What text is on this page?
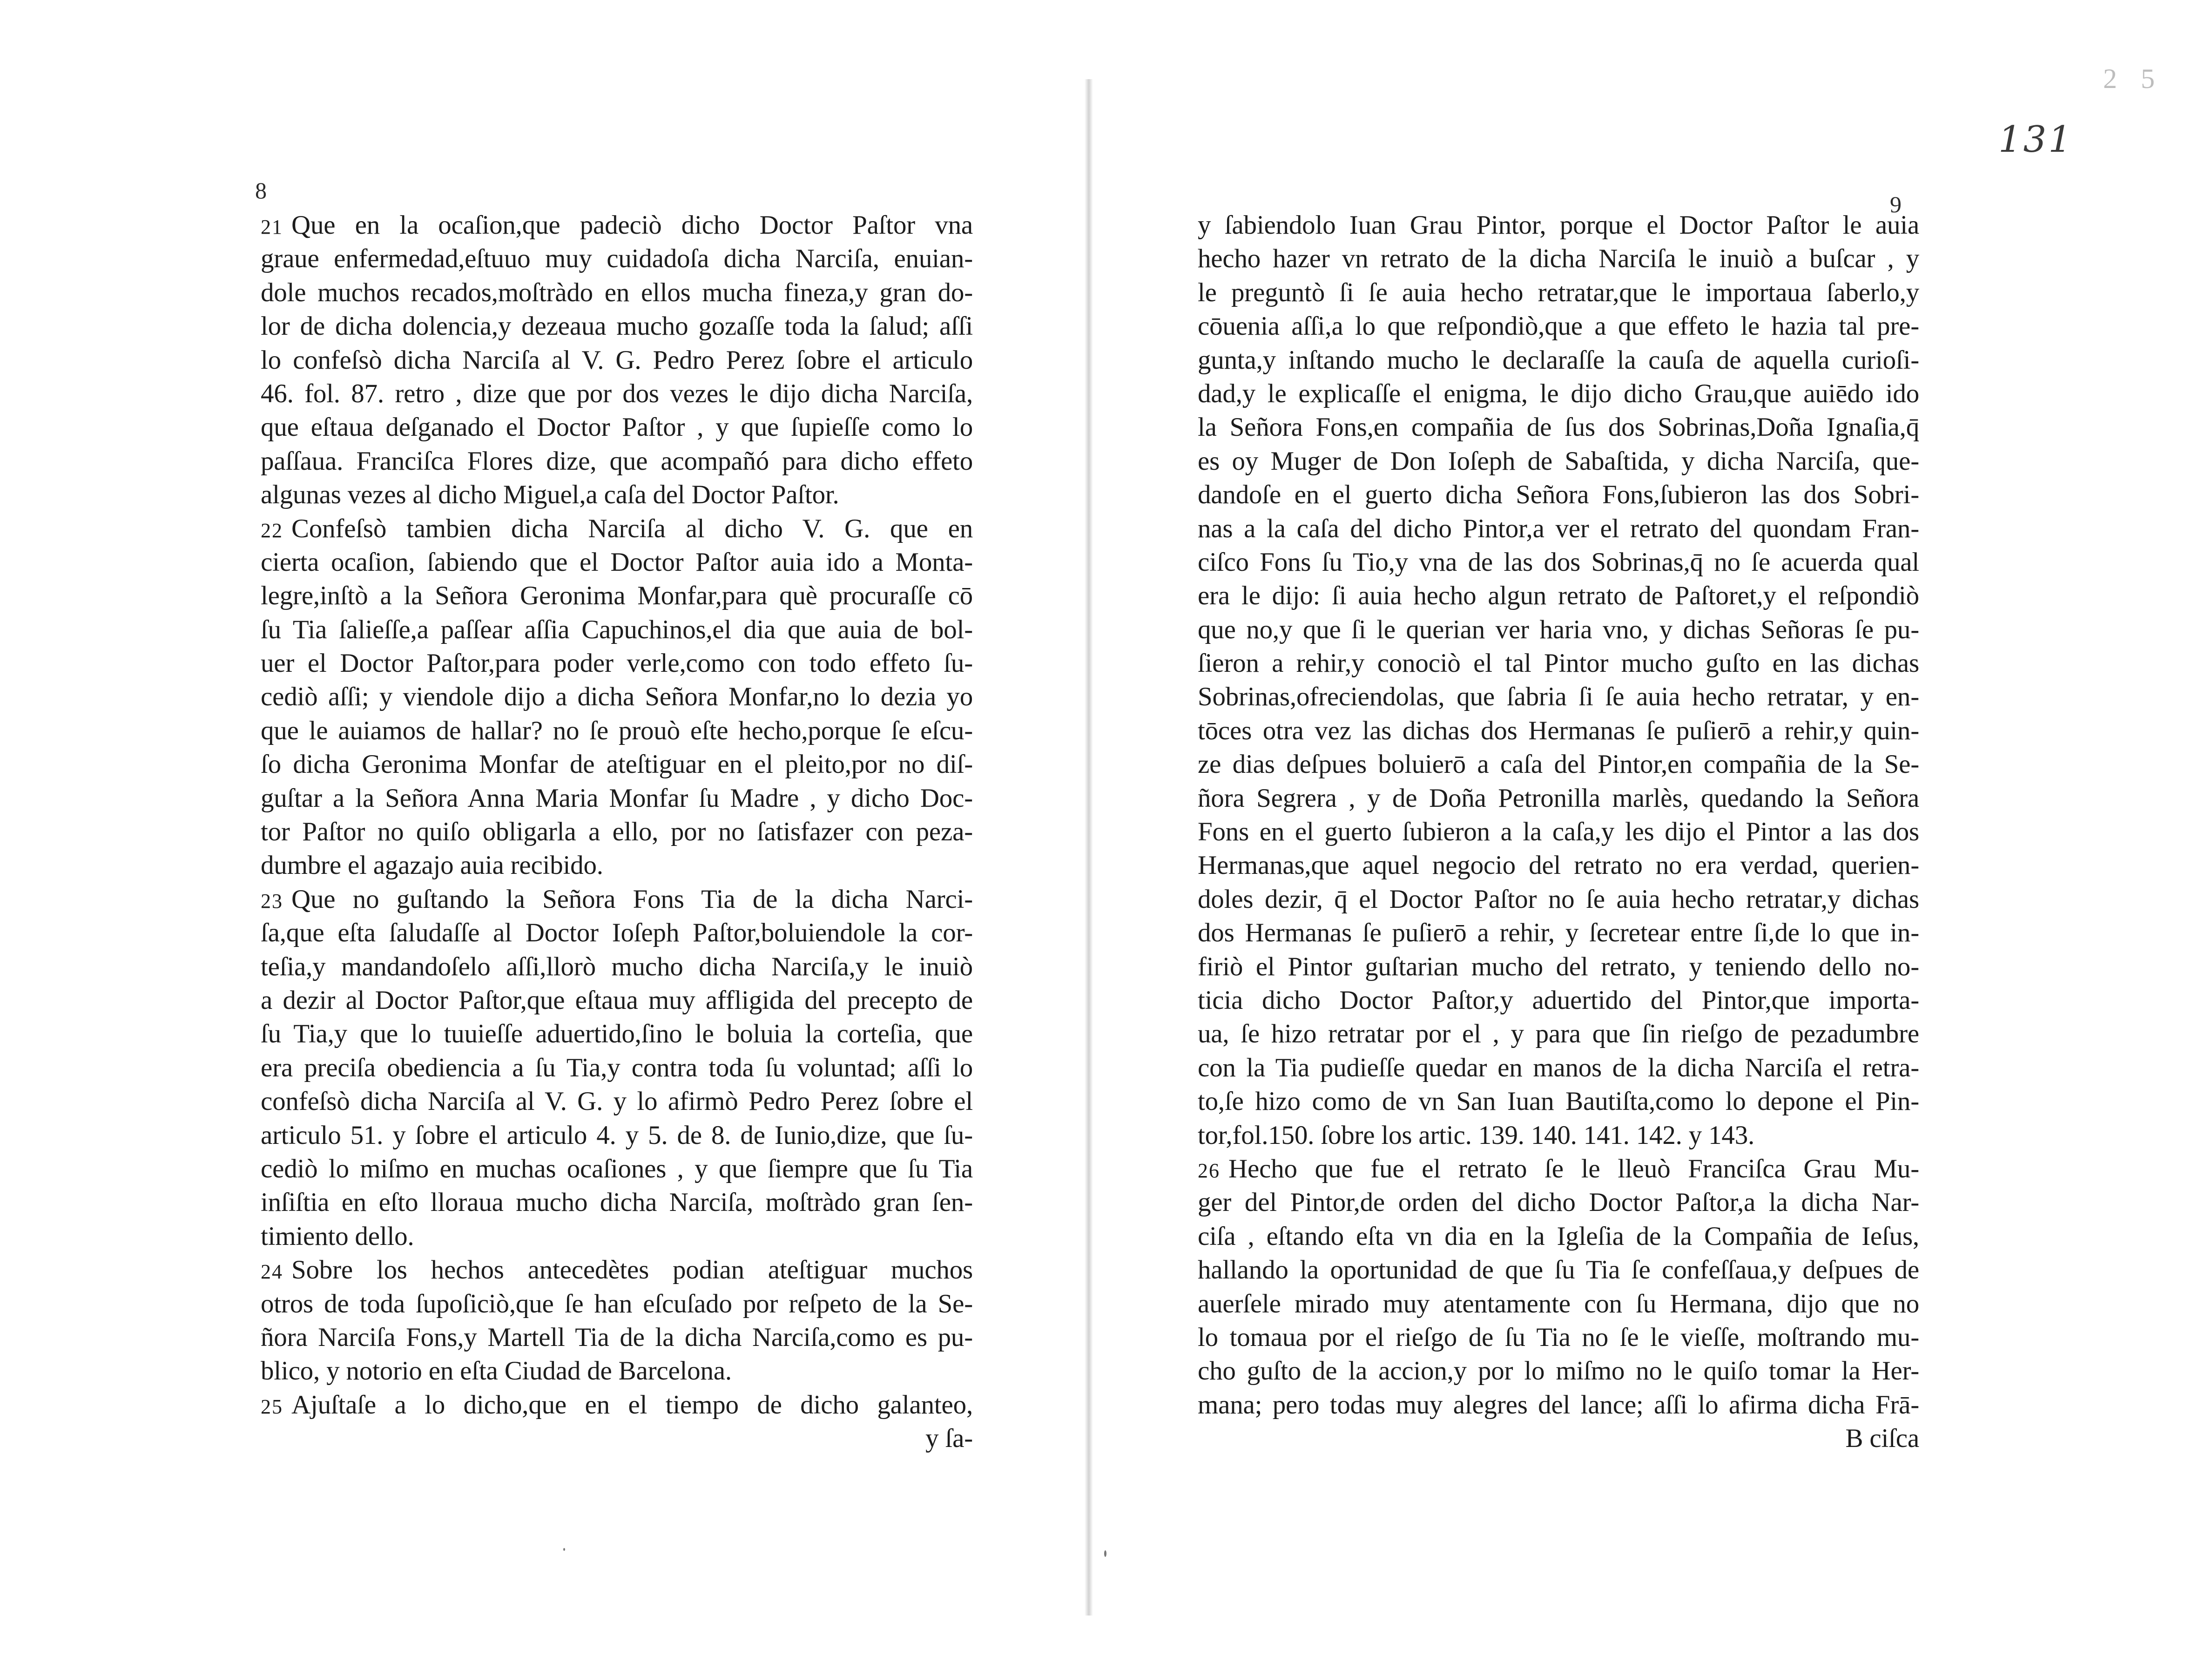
8
21 Que en la ocaſion,que padeciò dicho Doctor Paſtor vna
graue enfermedad,eſtuuo muy cuidadoſa dicha Narciſa, enuian-
dole muchos recados,moſtràdo en ellos mucha fineza,y gran do-
lor de dicha dolencia,y dezeaua mucho gozaſſe toda la ſalud; aſſi
lo confeſsò dicha Narciſa al V. G. Pedro Perez ſobre el articulo
46. fol. 87. retro , dize que por dos vezes le dijo dicha Narciſa,
que eſtaua deſganado el Doctor Paſtor , y que ſupieſſe como lo
paſſaua. Franciſca Flores dize, que acompañó para dicho effeto
algunas vezes al dicho Miguel,a caſa del Doctor Paſtor.
22 Confeſsò tambien dicha Narciſa al dicho V. G. que en
cierta ocaſion, ſabiendo que el Doctor Paſtor auia ido a Monta-
legre,inſtò a la Señora Geronima Monfar,para què procuraſſe cō
ſu Tia ſalieſſe,a paſſear aſſia Capuchinos,el dia que auia de bol-
uer el Doctor Paſtor,para poder verle,como con todo effeto ſu-
cediò aſſi; y viendole dijo a dicha Señora Monfar,no lo dezia yo
que le auiamos de hallar? no ſe prouò eſte hecho,porque ſe eſcu-
ſo dicha Geronima Monfar de ateſtiguar en el pleito,por no diſ-
guſtar a la Señora Anna Maria Monfar ſu Madre , y dicho Doc-
tor Paſtor no quiſo obligarla a ello, por no ſatisfazer con peza-
dumbre el agazajo auia recibido.
23 Que no guſtando la Señora Fons Tia de la dicha Narci-
ſa,que eſta ſaludaſſe al Doctor Ioſeph Paſtor,boluiendole la cor-
teſia,y mandandoſelo aſſi,llorò mucho dicha Narciſa,y le inuiò
a dezir al Doctor Paſtor,que eſtaua muy affligida del precepto de
ſu Tia,y que lo tuuieſſe aduertido,ſino le boluia la corteſia, que
era preciſa obediencia a ſu Tia,y contra toda ſu voluntad; aſſi lo
confeſsò dicha Narciſa al V. G. y lo afirmò Pedro Perez ſobre el
articulo 51. y ſobre el articulo 4. y 5. de 8. de Iunio,dize, que ſu-
cediò lo miſmo en muchas ocaſiones , y que ſiempre que ſu Tia
inſiſtia en eſto lloraua mucho dicha Narciſa, moſtràdo gran ſen-
timiento dello.
24 Sobre los hechos antecedètes podian ateſtiguar muchos
otros de toda ſupoſiciò,que ſe han eſcuſado por reſpeto de la Se-
ñora Narciſa Fons,y Martell Tia de la dicha Narciſa,como es pu-
blico, y notorio en eſta Ciudad de Barcelona.
25 Ajuſtaſe a lo dicho,que en el tiempo de dicho galanteo,
y ſa-
2 5
131
9
y ſabiendolo Iuan Grau Pintor, porque el Doctor Paſtor le auia
hecho hazer vn retrato de la dicha Narciſa le inuiò a buſcar , y
le preguntò ſi ſe auia hecho retratar,que le importaua ſaberlo,y
cōuenia aſſi,a lo que reſpondiò,que a que effeto le hazia tal pre-
gunta,y inſtando mucho le declaraſſe la cauſa de aquella curioſi-
dad,y le explicaſſe el enigma, le dijo dicho Grau,que auiēdo ido
la Señora Fons,en compañia de ſus dos Sobrinas,Doña Ignaſia,q̄
es oy Muger de Don Ioſeph de Sabaſtida, y dicha Narciſa, que-
dandoſe en el guerto dicha Señora Fons,ſubieron las dos Sobri-
nas a la caſa del dicho Pintor,a ver el retrato del quondam Fran-
ciſco Fons ſu Tio,y vna de las dos Sobrinas,q̄ no ſe acuerda qual
era le dijo: ſi auia hecho algun retrato de Paſtoret,y el reſpondiò
que no,y que ſi le querian ver haria vno, y dichas Señoras ſe pu-
ſieron a rehir,y conociò el tal Pintor mucho guſto en las dichas
Sobrinas,ofreciendolas, que ſabria ſi ſe auia hecho retratar, y en-
tōces otra vez las dichas dos Hermanas ſe puſierō a rehir,y quin-
ze dias deſpues boluierō a caſa del Pintor,en compañia de la Se-
ñora Segrera , y de Doña Petronilla marlès, quedando la Señora
Fons en el guerto ſubieron a la caſa,y les dijo el Pintor a las dos
Hermanas,que aquel negocio del retrato no era verdad, querien-
doles dezir, q̄ el Doctor Paſtor no ſe auia hecho retratar,y dichas
dos Hermanas ſe puſierō a rehir, y ſecretear entre ſi,de lo que in-
firiò el Pintor guſtarian mucho del retrato, y teniendo dello no-
ticia dicho Doctor Paſtor,y aduertido del Pintor,que importa-
ua, ſe hizo retratar por el , y para que ſin rieſgo de pezadumbre
con la Tia pudieſſe quedar en manos de la dicha Narciſa el retra-
to,ſe hizo como de vn San Iuan Bautiſta,como lo depone el Pin-
tor,fol.150. ſobre los artic. 139. 140. 141. 142. y 143.
26 Hecho que fue el retrato ſe le lleuò Franciſca Grau Mu-
ger del Pintor,de orden del dicho Doctor Paſtor,a la dicha Nar-
ciſa , eſtando eſta vn dia en la Igleſia de la Compañia de Ieſus,
hallando la oportunidad de que ſu Tia ſe confeſſaua,y deſpues de
auerſele mirado muy atentamente con ſu Hermana, dijo que no
lo tomaua por el rieſgo de ſu Tia no ſe le vieſſe, moſtrando mu-
cho guſto de la accion,y por lo miſmo no le quiſo tomar la Her-
mana; pero todas muy alegres del lance; aſſi lo afirma dicha Frā-
B ciſca
